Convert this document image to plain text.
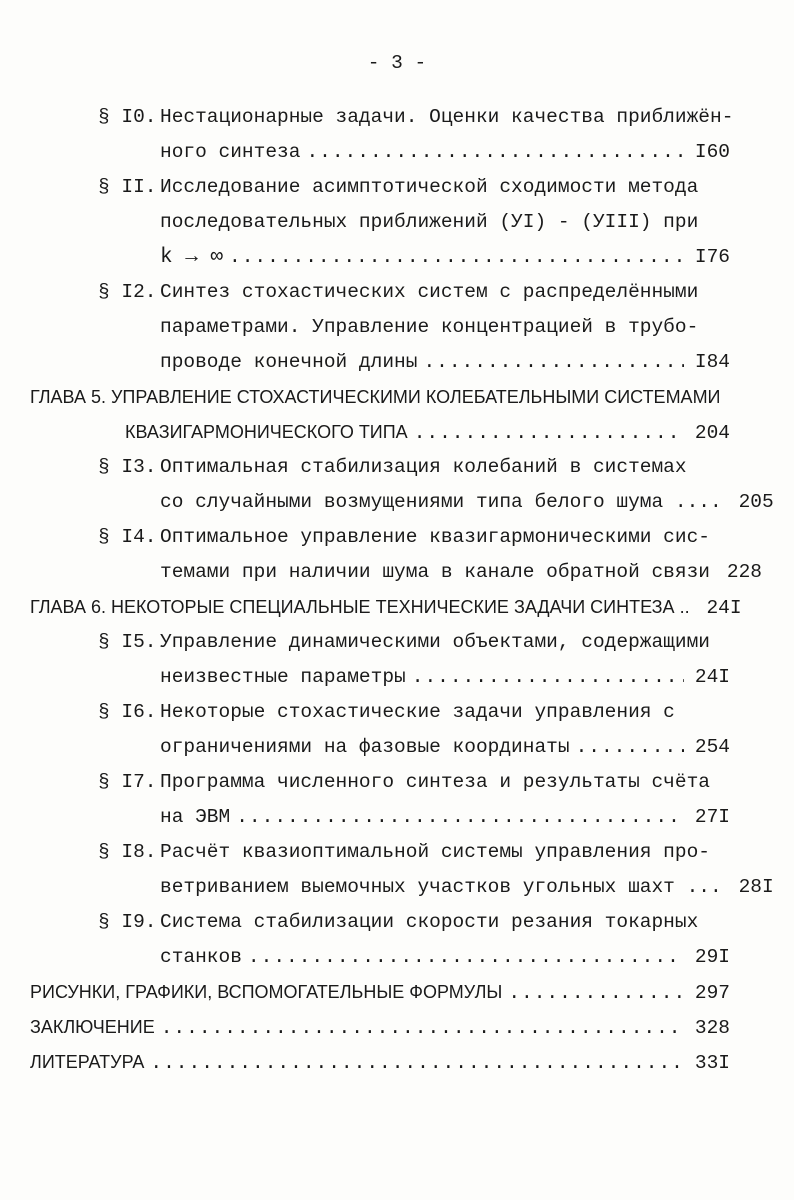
- 3 -
§ I0. Нестационарные задачи. Оценки качества приближён-
ного синтеза .....	I60
§ II. Исследование асимптотической сходимости метода
последовательных приближений (УI) - (УIII) при
k → ∞ .....	I76
§ I2. Синтез стохастических систем с распределёнными
параметрами. Управление концентрацией в трубо-
проводе конечной длины .....	I84
ГЛАВА 5. УПРАВЛЕНИЕ СТОХАСТИЧЕСКИМИ КОЛЕБАТЕЛЬНЫМИ СИСТЕМАМИ
КВАЗИГАРМОНИЧЕСКОГО ТИПА .....	204
§ I3. Оптимальная стабилизация колебаний в системах
со случайными возмущениями типа белого шума .... 205
§ I4. Оптимальное управление квазигармоническими сис-
темами при наличии шума в канале обратной связи 228
ГЛАВА 6. НЕКОТОРЫЕ СПЕЦИАЛЬНЫЕ ТЕХНИЧЕСКИЕ ЗАДАЧИ СИНТЕЗА .. 24I
§ I5. Управление динамическими объектами, содержащими
неизвестные параметры .....	24I
§ I6. Некоторые стохастические задачи управления с
ограничениями на фазовые координаты .....	254
§ I7. Программа численного синтеза и результаты счёта
на ЭВМ .....	27I
§ I8. Расчёт квазиоптимальной системы управления про-
ветриванием выемочных участков угольных шахт ... 28I
§ I9. Система стабилизации скорости резания токарных
станков .....	29I
РИСУНКИ, ГРАФИКИ, ВСПОМОГАТЕЛЬНЫЕ ФОРМУЛЫ .....	297
ЗАКЛЮЧЕНИЕ .....	328
ЛИТЕРАТУРА .....	33I
